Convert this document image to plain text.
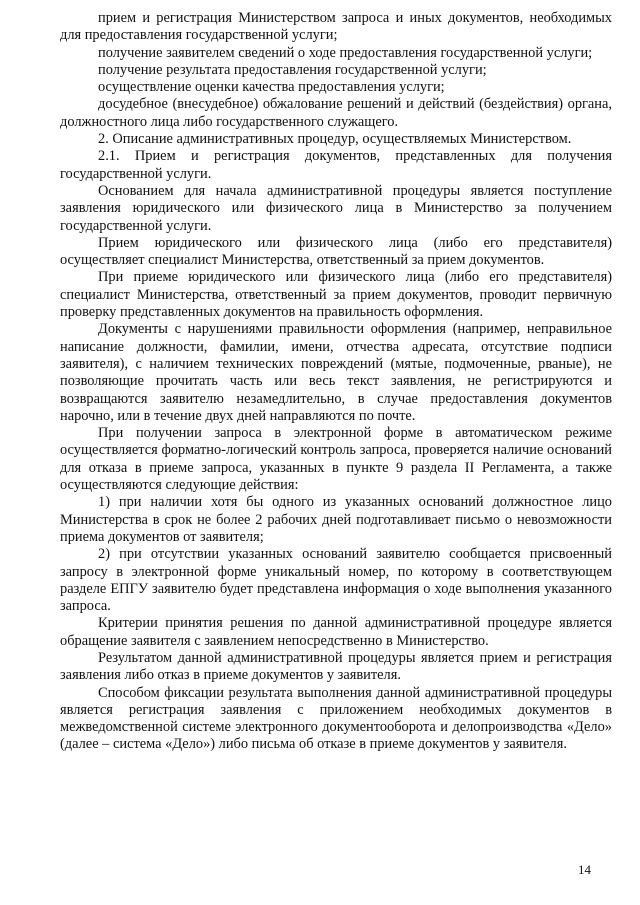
прием и регистрация Министерством запроса и иных документов, необходимых для предоставления государственной услуги;

получение заявителем сведений о ходе предоставления государственной услуги;

получение результата предоставления государственной услуги;

осуществление оценки качества предоставления услуги;

досудебное (внесудебное) обжалование решений и действий (бездействия) органа, должностного лица либо государственного служащего.

2. Описание административных процедур, осуществляемых Министерством.

2.1. Прием и регистрация документов, представленных для получения государственной услуги.

Основанием для начала административной процедуры является поступление заявления юридического или физического лица в Министерство за получением государственной услуги.

Прием юридического или физического лица (либо его представителя) осуществляет специалист Министерства, ответственный за прием документов.

При приеме юридического или физического лица (либо его представителя) специалист Министерства, ответственный за прием документов, проводит первичную проверку представленных документов на правильность оформления.

Документы с нарушениями правильности оформления (например, неправильное написание должности, фамилии, имени, отчества адресата, отсутствие подписи заявителя), с наличием технических повреждений (мятые, подмоченные, рваные), не позволяющие прочитать часть или весь текст заявления, не регистрируются и возвращаются заявителю незамедлительно, в случае предоставления документов нарочно, или в течение двух дней направляются по почте.

При получении запроса в электронной форме в автоматическом режиме осуществляется форматно-логический контроль запроса, проверяется наличие оснований для отказа в приеме запроса, указанных в пункте 9 раздела II Регламента, а также осуществляются следующие действия:

1) при наличии хотя бы одного из указанных оснований должностное лицо Министерства в срок не более 2 рабочих дней подготавливает письмо о невозможности приема документов от заявителя;

2) при отсутствии указанных оснований заявителю сообщается присвоенный запросу в электронной форме уникальный номер, по которому в соответствующем разделе ЕПГУ заявителю будет представлена информация о ходе выполнения указанного запроса.

Критерии принятия решения по данной административной процедуре является обращение заявителя с заявлением непосредственно в Министерство.

Результатом данной административной процедуры является прием и регистрация заявления либо отказ в приеме документов у заявителя.

Способом фиксации результата выполнения данной административной процедуры является регистрация заявления с приложением необходимых документов в межведомственной системе электронного документооборота и делопроизводства «Дело» (далее – система «Дело») либо письма об отказе в приеме документов у заявителя.

14
